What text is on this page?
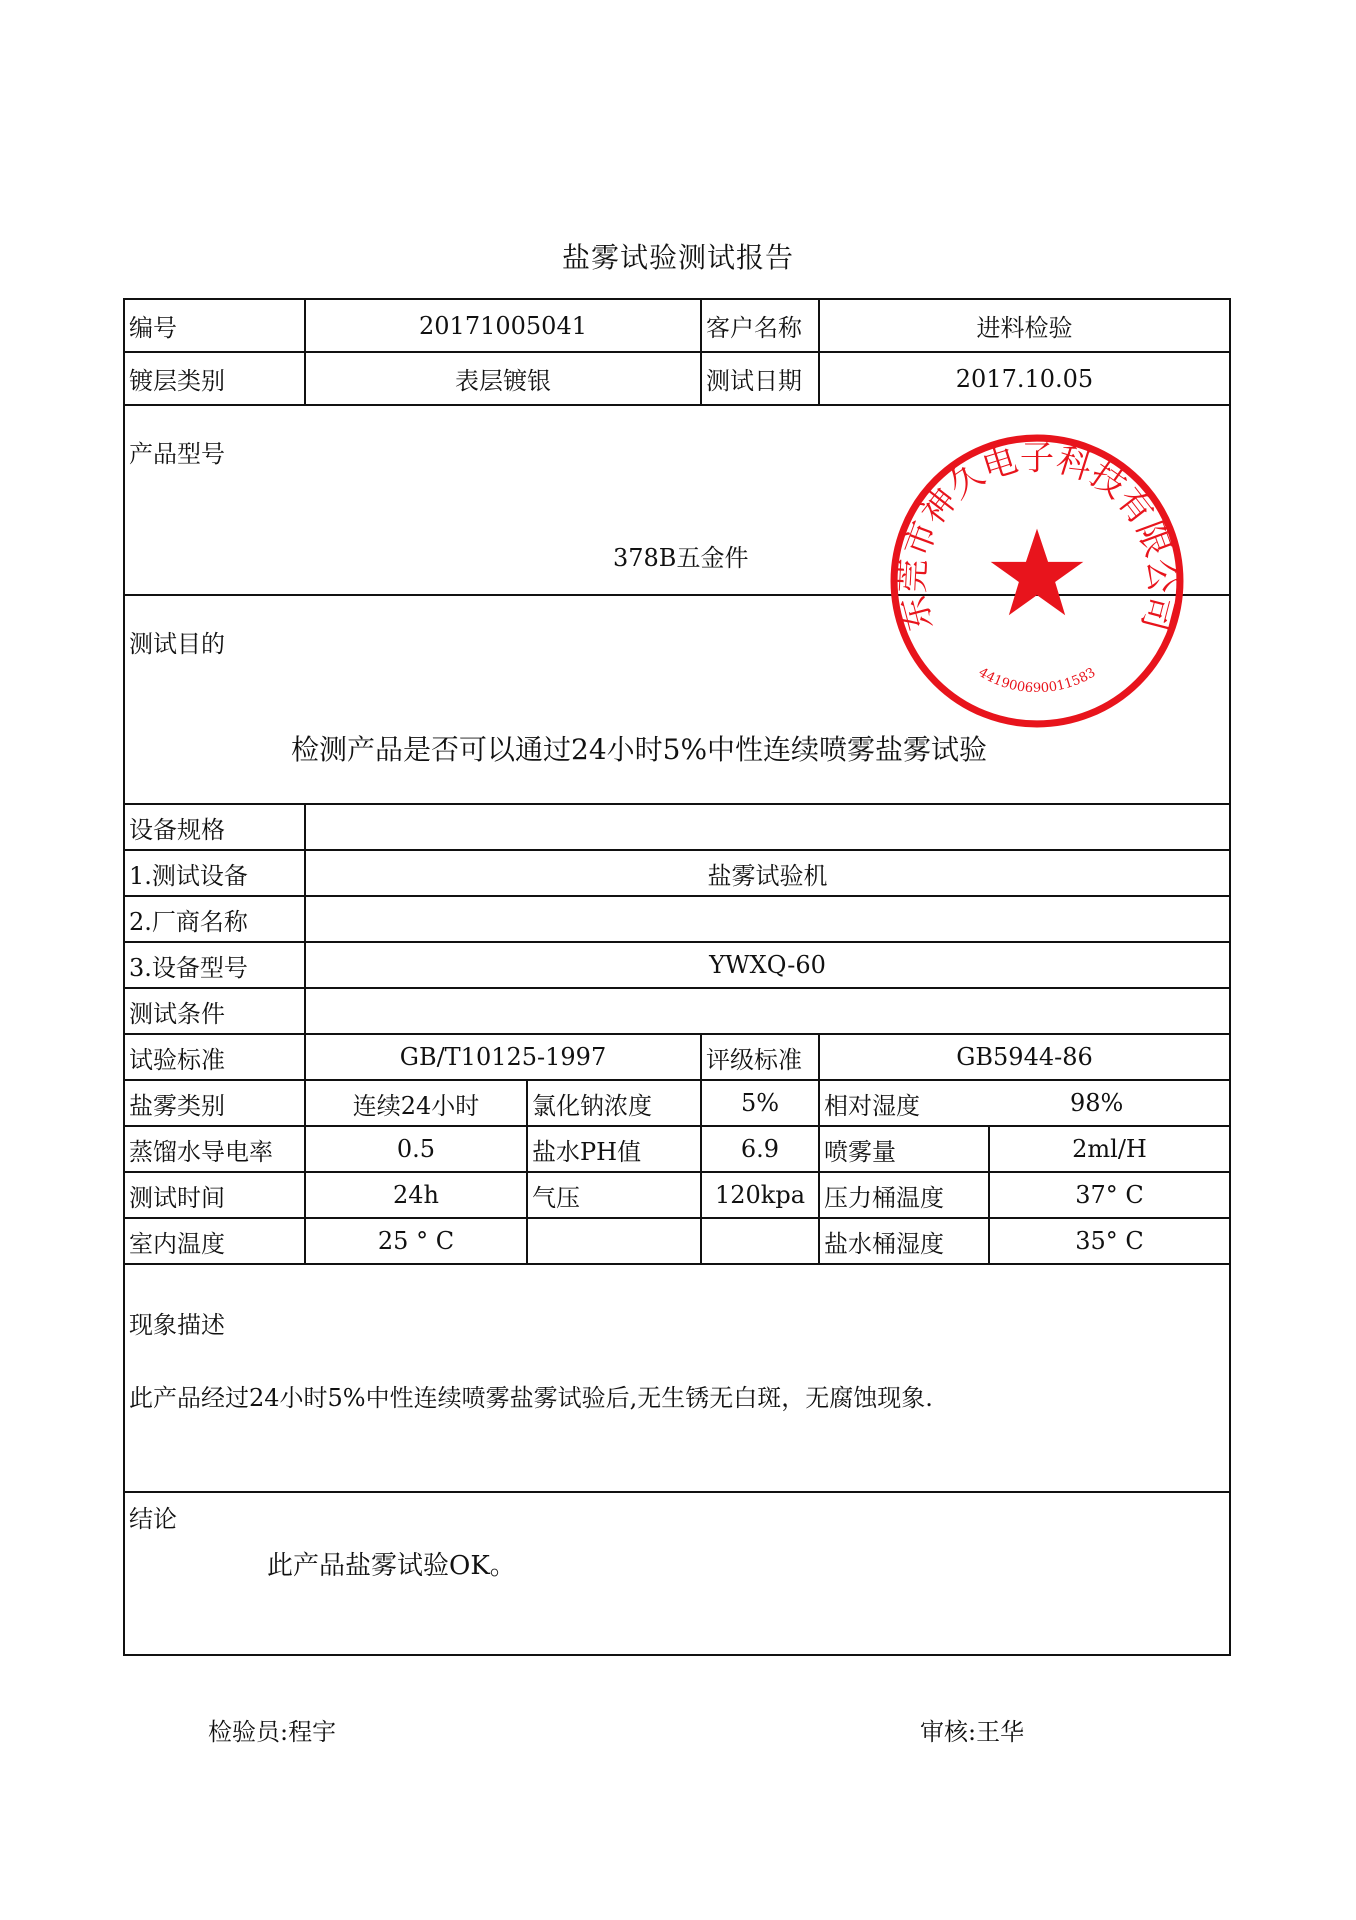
盐雾试验测试报告
编号	20171005041		客户名称	进料检验	
镀层类别	表层镀银		测试日期	2017.10.05	

产品型号
378B五金件					

测试目的
检测产品是否可以通过24小时5%中性连续喷雾盐雾试验					

设备规格					
1.测试设备	盐雾试验机				
2.厂商名称					
3.设备型号	YWXQ-60				
测试条件					
试验标准	GB/T10125-1997		评级标准	GB5944-86	
盐雾类别	连续24小时	氯化钠浓度	5%	相对湿度 98%	

蒸馏水导电率	0.5	盐水PH值	6.9	喷雾量	2ml/H
测试时间	24h	气压	120kpa	压力桶温度	37° C
室内温度	25 ° C			盐水桶湿度	35° C

现象描述
此产品经过24小时5%中性连续喷雾盐雾试验后,无生锈无白斑，无腐蚀现象.					

结论
此产品盐雾试验OK。					
检验员:程宇	审核:王华
东莞市神久电子科技有限公司
441900690011583
